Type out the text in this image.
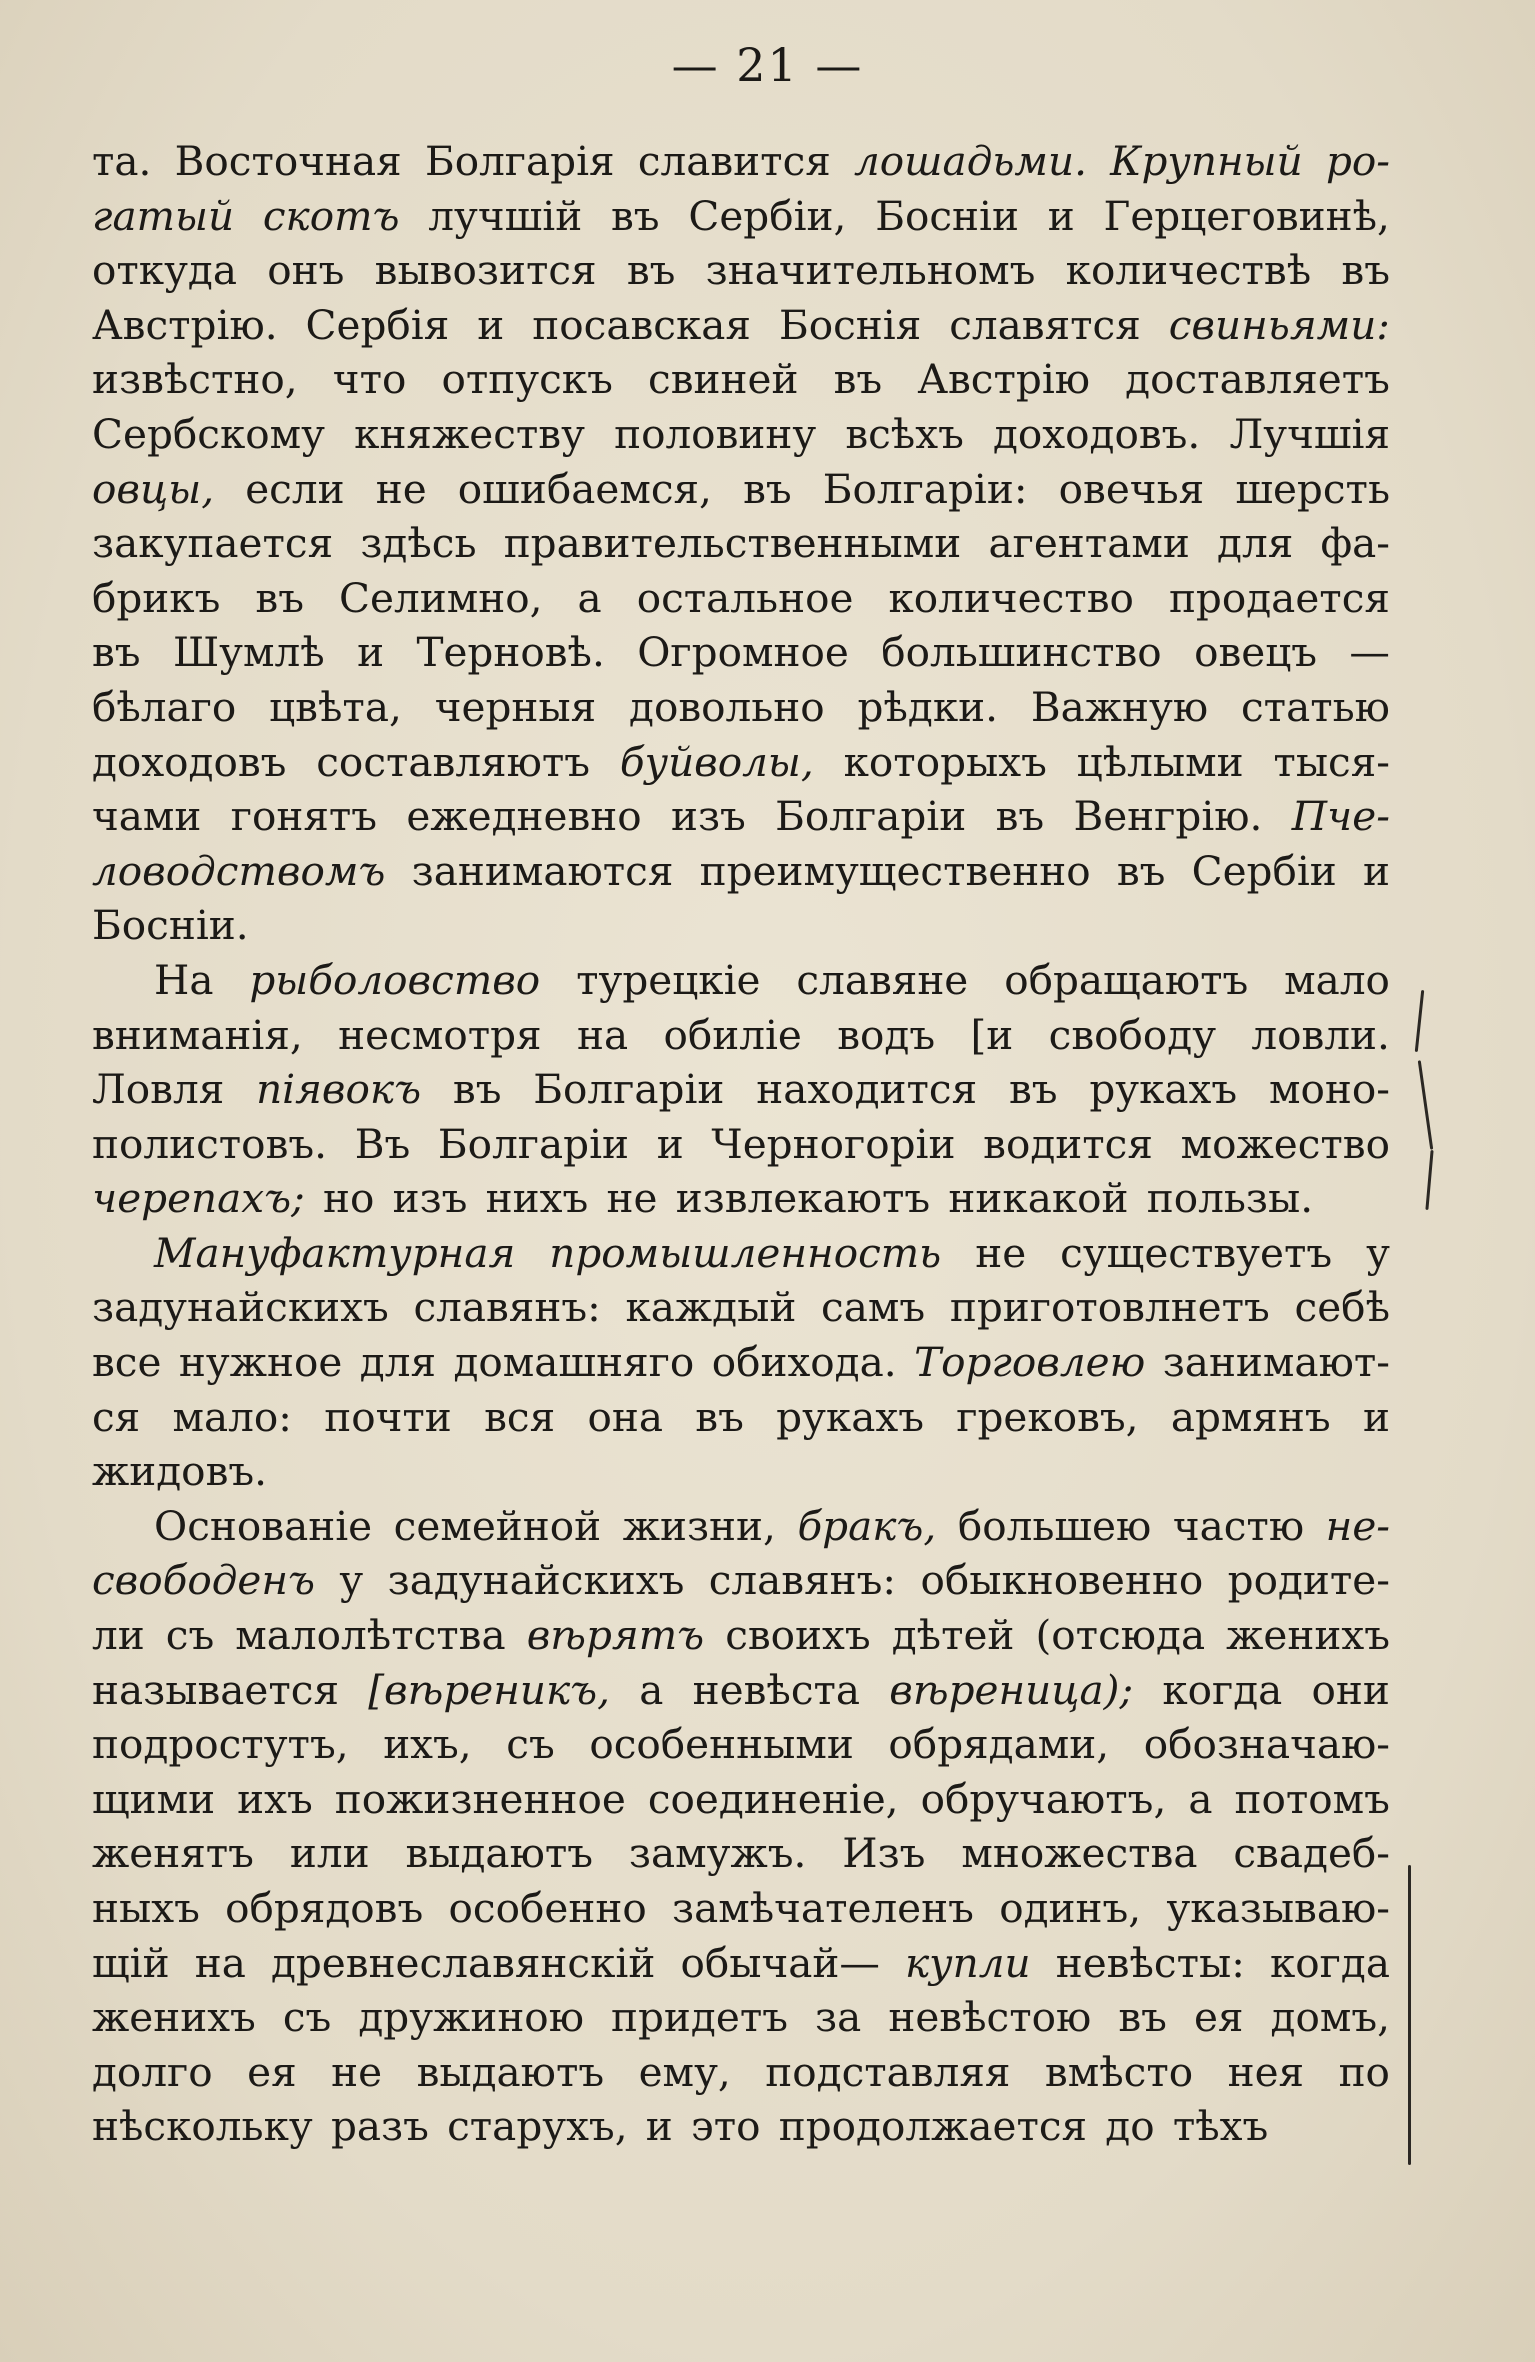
— 21 —
та. Восточная Болгарія славится лошадьми. Крупный ро-
гатый скотъ лучшій въ Сербіи, Босніи и Герцеговинѣ,
откуда онъ вывозится въ значительномъ количествѣ въ
Австрію. Сербія и посавская Боснія славятся свиньями:
извѣстно, что отпускъ свиней въ Австрію доставляетъ
Сербскому княжеству половину всѣхъ доходовъ. Лучшія
овцы, если не ошибаемся, въ Болгаріи: овечья шерсть
закупается здѣсь правительственными агентами для фа-
брикъ въ Селимно, а остальное количество продается
въ Шумлѣ и Терновѣ. Огромное большинство овецъ —
бѣлаго цвѣта, черныя довольно рѣдки. Важную статью
доходовъ составляютъ буйволы, которыхъ цѣлыми тыся-
чами гонятъ ежедневно изъ Болгаріи въ Венгрію. Пче-
ловодствомъ занимаются преимущественно въ Сербіи и
Босніи.
На рыболовство турецкіе славяне обращаютъ мало
вниманія, несмотря на обиліе водъ [и свободу ловли.
Ловля піявокъ въ Болгаріи находится въ рукахъ моно-
полистовъ. Въ Болгаріи и Черногоріи водится можество
черепахъ; но изъ нихъ не извлекаютъ никакой пользы.
Мануфактурная промышленность не существуетъ у
задунайскихъ славянъ: каждый самъ приготовлнетъ себѣ
все нужное для домашняго обихода. Торговлею занимают-
ся мало: почти вся она въ рукахъ грековъ, армянъ и
жидовъ.
Основаніе семейной жизни, бракъ, большею частю не-
свободенъ у задунайскихъ славянъ: обыкновенно родите-
ли съ малолѣтства вѣрятъ своихъ дѣтей (отсюда женихъ
называется [вѣреникъ, а невѣста вѣреница); когда они
подростутъ, ихъ, съ особенными обрядами, обозначаю-
щими ихъ пожизненное соединеніе, обручаютъ, а потомъ
женятъ или выдаютъ замужъ. Изъ множества свадеб-
ныхъ обрядовъ особенно замѣчателенъ одинъ, указываю-
щій на древнеславянскій обычай— купли невѣсты: когда
женихъ съ дружиною придетъ за невѣстою въ ея домъ,
долго ея не выдаютъ ему, подставляя вмѣсто нея по
нѣскольку разъ старухъ, и это продолжается до тѣхъ
